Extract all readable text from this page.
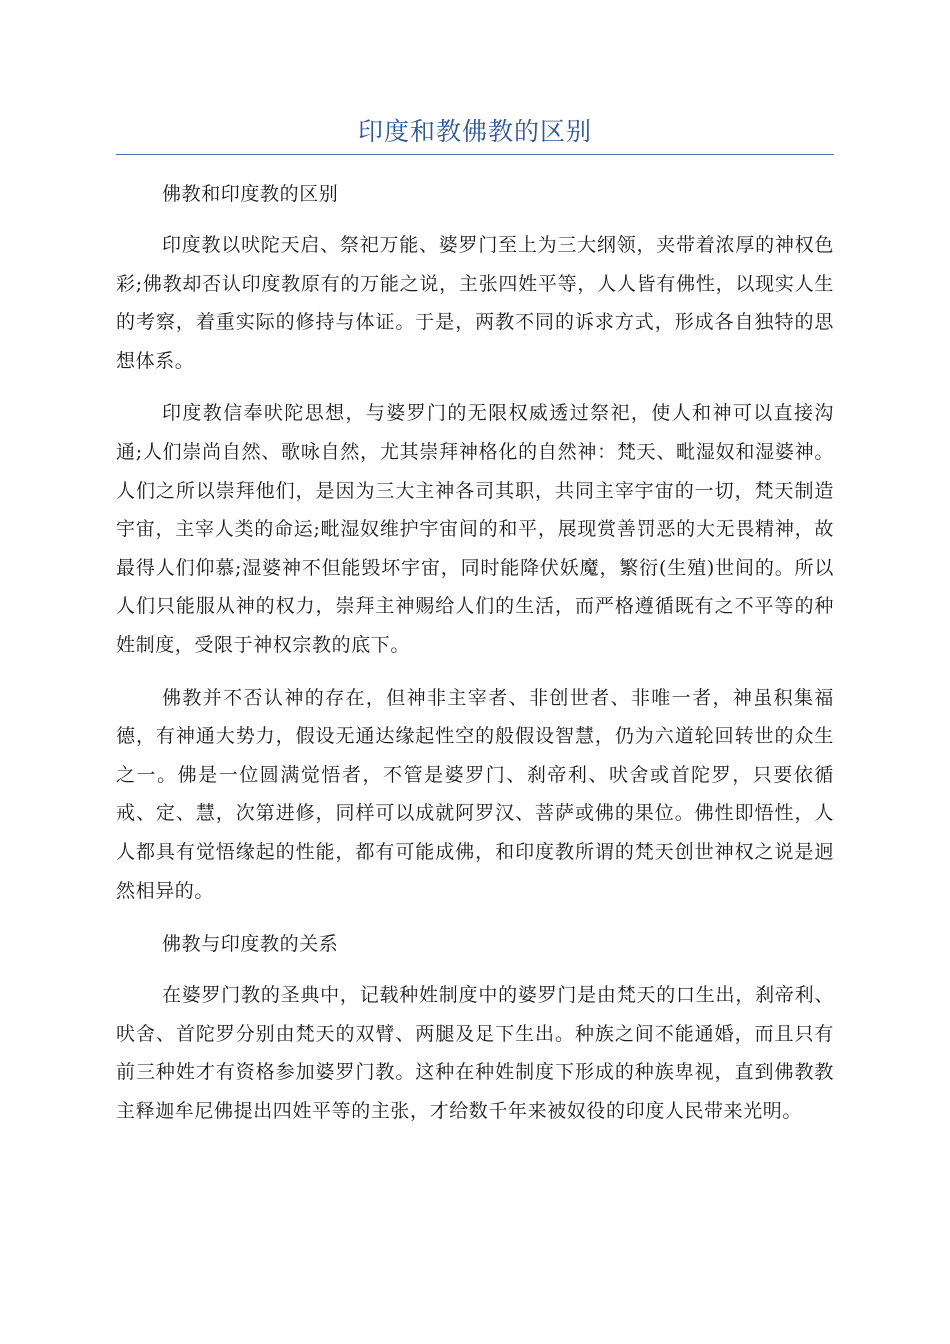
印度和教佛教的区别

佛教和印度教的区别

印度教以吠陀天启、祭祀万能、婆罗门至上为三大纲领，夹带着浓厚的神权色彩;佛教却否认印度教原有的万能之说，主张四姓平等，人人皆有佛性，以现实人生的考察，着重实际的修持与体证。于是，两教不同的诉求方式，形成各自独特的思想体系。

印度教信奉吠陀思想，与婆罗门的无限权威透过祭祀，使人和神可以直接沟通;人们崇尚自然、歌咏自然，尤其崇拜神格化的自然神：梵天、毗湿奴和湿婆神。人们之所以崇拜他们，是因为三大主神各司其职，共同主宰宇宙的一切，梵天制造宇宙，主宰人类的命运;毗湿奴维护宇宙间的和平，展现赏善罚恶的大无畏精神，故最得人们仰慕;湿婆神不但能毁坏宇宙，同时能降伏妖魔，繁衍(生殖)世间的。所以人们只能服从神的权力，崇拜主神赐给人们的生活，而严格遵循既有之不平等的种姓制度，受限于神权宗教的底下。

佛教并不否认神的存在，但神非主宰者、非创世者、非唯一者，神虽积集福德，有神通大势力，假设无通达缘起性空的般假设智慧，仍为六道轮回转世的众生之一。佛是一位圆满觉悟者，不管是婆罗门、刹帝利、吠舍或首陀罗，只要依循戒、定、慧，次第进修，同样可以成就阿罗汉、菩萨或佛的果位。佛性即悟性，人人都具有觉悟缘起的性能，都有可能成佛，和印度教所谓的梵天创世神权之说是迥然相异的。

佛教与印度教的关系

在婆罗门教的圣典中，记载种姓制度中的婆罗门是由梵天的口生出，刹帝利、吠舍、首陀罗分别由梵天的双臂、两腿及足下生出。种族之间不能通婚，而且只有前三种姓才有资格参加婆罗门教。这种在种姓制度下形成的种族卑视，直到佛教教主释迦牟尼佛提出四姓平等的主张，才给数千年来被奴役的印度人民带来光明。
